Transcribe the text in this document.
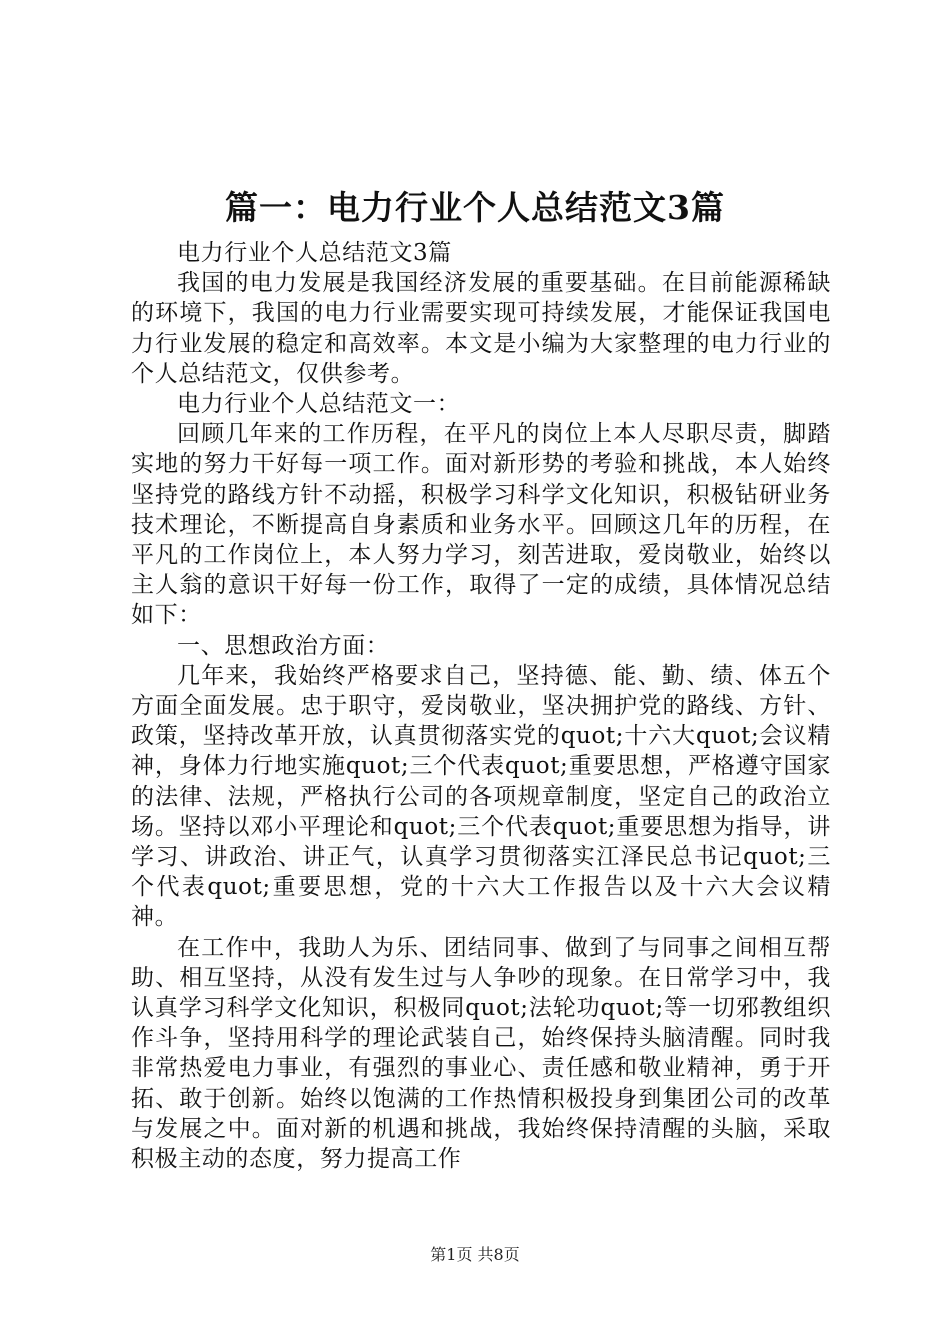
篇一：电力行业个人总结范文3篇

电力行业个人总结范文3篇

我国的电力发展是我国经济发展的重要基础。在目前能源稀缺的环境下，我国的电力行业需要实现可持续发展，才能保证我国电力行业发展的稳定和高效率。本文是小编为大家整理的电力行业的个人总结范文，仅供参考。

电力行业个人总结范文一：

回顾几年来的工作历程，在平凡的岗位上本人尽职尽责，脚踏实地的努力干好每一项工作。面对新形势的考验和挑战，本人始终坚持党的路线方针不动摇，积极学习科学文化知识，积极钻研业务技术理论，不断提高自身素质和业务水平。回顾这几年的历程，在平凡的工作岗位上，本人努力学习，刻苦进取，爱岗敬业，始终以主人翁的意识干好每一份工作，取得了一定的成绩，具体情况总结如下：

一、思想政治方面：

几年来，我始终严格要求自己，坚持德、能、勤、绩、体五个方面全面发展。忠于职守，爱岗敬业，坚决拥护党的路线、方针、政策，坚持改革开放，认真贯彻落实党的quot;十六大quot;会议精神，身体力行地实施quot;三个代表quot;重要思想，严格遵守国家的法律、法规，严格执行公司的各项规章制度，坚定自己的政治立场。坚持以邓小平理论和quot;三个代表quot;重要思想为指导，讲学习、讲政治、讲正气，认真学习贯彻落实江泽民总书记quot;三个代表quot;重要思想，党的十六大工作报告以及十六大会议精神。

在工作中，我助人为乐、团结同事、做到了与同事之间相互帮助、相互坚持，从没有发生过与人争吵的现象。在日常学习中，我认真学习科学文化知识，积极同quot;法轮功quot;等一切邪教组织作斗争，坚持用科学的理论武装自己，始终保持头脑清醒。同时我非常热爱电力事业，有强烈的事业心、责任感和敬业精神，勇于开拓、敢于创新。始终以饱满的工作热情积极投身到集团公司的改革与发展之中。面对新的机遇和挑战，我始终保持清醒的头脑，采取积极主动的态度，努力提高工作

第1页 共8页
